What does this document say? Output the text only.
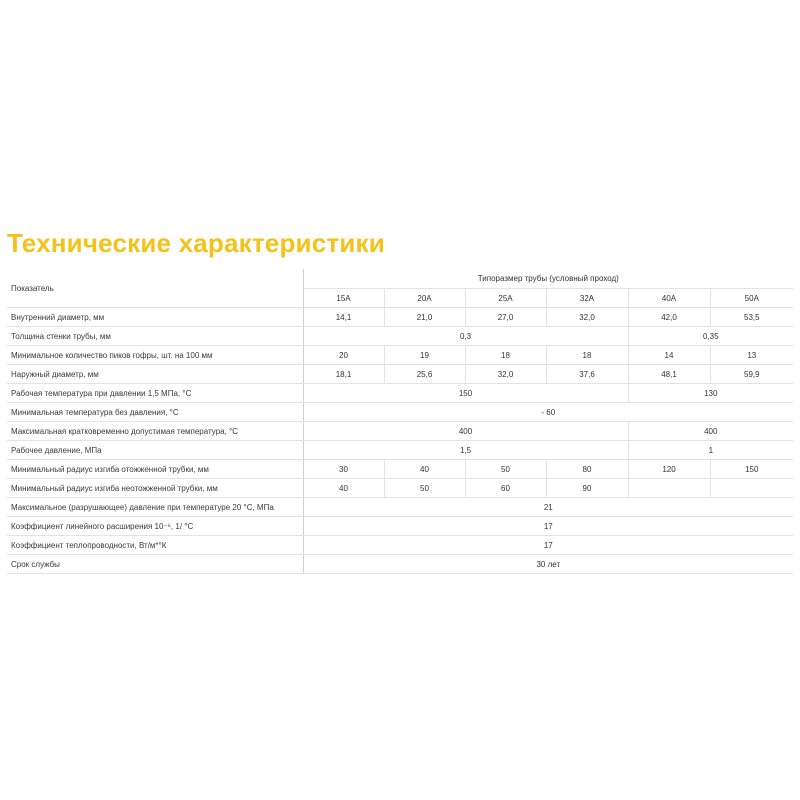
Технические характеристики
Показатель	Типоразмер трубы (условный проход)					
	15А	20А	25А	32А	40А	50А
Внутренний диаметр, мм	14,1	21,0	27,0	32,0	42,0	53,5
Толщина стенки трубы, мм	0,3				0,35	
Минимальное количество пиков гофры, шт. на 100 мм	20	19	18	18	14	13
Наружный диаметр, мм	18,1	25,6	32,0	37,6	48,1	59,9
Рабочая температура при давлении 1,5 МПа, °С	150				130	
Минимальная температура без давления, °С	- 60					
Максимальная кратковременно допустимая температура, °С	400				400	
Рабочее давление, МПа	1,5				1	
Минимальный радиус изгиба отожженной трубки, мм	30	40	50	80	120	150
Минимальный радиус изгиба неотожженной трубки, мм	40	50	60	90		
Максимальное (разрушающее) давление при температуре 20 °С, МПа	21					
Коэффициент линейного расширения 10⁻⁶, 1/ °С	17					
Коэффициент теплопроводности, Вт/м*°К	17					
Срок службы	30 лет					
